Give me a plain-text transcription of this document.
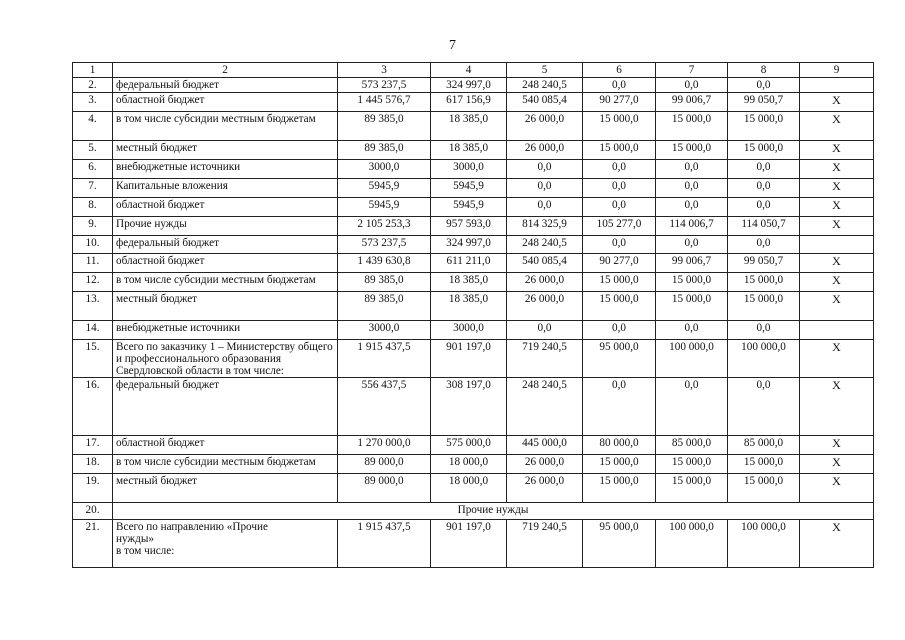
7
1	2	3	4	5	6	7	8	9
2.	федеральный бюджет	573 237,5	324 997,0	248 240,5	0,0	0,0	0,0	
3.	областной бюджет	1 445 576,7	617 156,9	540 085,4	90 277,0	99 006,7	99 050,7	Х
4.	в том числе субсидии местным бюджетам	89 385,0	18 385,0	26 000,0	15 000,0	15 000,0	15 000,0	Х
5.	местный бюджет	89 385,0	18 385,0	26 000,0	15 000,0	15 000,0	15 000,0	Х
6.	внебюджетные источники	3000,0	3000,0	0,0	0,0	0,0	0,0	Х
7.	Капитальные вложения	5945,9	5945,9	0,0	0,0	0,0	0,0	Х
8.	областной бюджет	5945,9	5945,9	0,0	0,0	0,0	0,0	Х
9.	Прочие нужды	2 105 253,3	957 593,0	814 325,9	105 277,0	114 006,7	114 050,7	Х
10.	федеральный бюджет	573 237,5	324 997,0	248 240,5	0,0	0,0	0,0	
11.	областной бюджет	1 439 630,8	611 211,0	540 085,4	90 277,0	99 006,7	99 050,7	Х
12.	в том числе субсидии местным бюджетам	89 385,0	18 385,0	26 000,0	15 000,0	15 000,0	15 000,0	Х
13.	местный бюджет	89 385,0	18 385,0	26 000,0	15 000,0	15 000,0	15 000,0	Х
14.	внебюджетные источники	3000,0	3000,0	0,0	0,0	0,0	0,0	
15.	Всего по заказчику 1 – Министерству общего и профессионального образования Свердловской области в том числе:	1 915 437,5	901 197,0	719 240,5	95 000,0	100 000,0	100 000,0	Х
16.	федеральный бюджет	556 437,5	308 197,0	248 240,5	0,0	0,0	0,0	Х
17.	областной бюджет	1 270 000,0	575 000,0	445 000,0	80 000,0	85 000,0	85 000,0	Х
18.	в том числе субсидии местным бюджетам	89 000,0	18 000,0	26 000,0	15 000,0	15 000,0	15 000,0	Х
19.	местный бюджет	89 000,0	18 000,0	26 000,0	15 000,0	15 000,0	15 000,0	Х
20.	Прочие нужды							
21.	Всего по направлению «Прочие
нужды»
в том числе:	1 915 437,5	901 197,0	719 240,5	95 000,0	100 000,0	100 000,0	Х
